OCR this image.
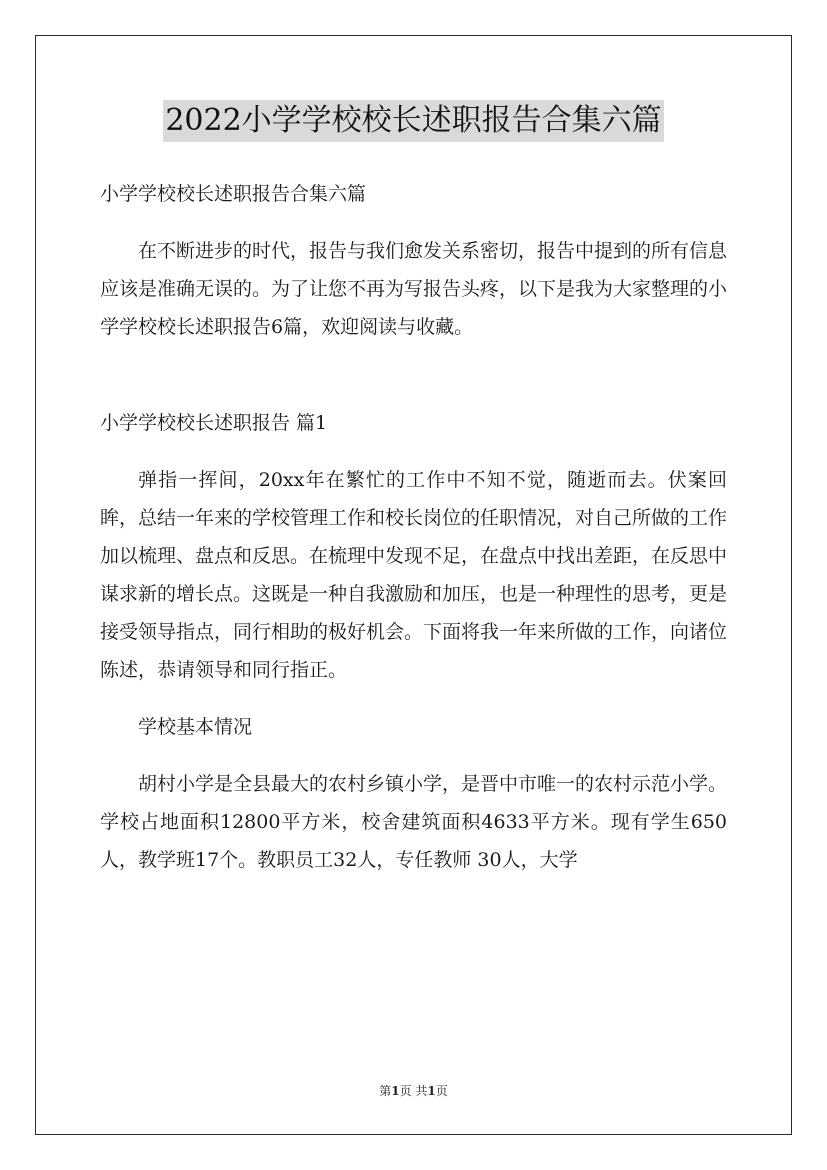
2022小学学校校长述职报告合集六篇

小学学校校长述职报告合集六篇

在不断进步的时代，报告与我们愈发关系密切，报告中提到的所有信息应该是准确无误的。为了让您不再为写报告头疼，以下是我为大家整理的小学学校校长述职报告6篇，欢迎阅读与收藏。

小学学校校长述职报告 篇1

弹指一挥间，20xx年在繁忙的工作中不知不觉，随逝而去。伏案回眸，总结一年来的学校管理工作和校长岗位的任职情况，对自己所做的工作加以梳理、盘点和反思。在梳理中发现不足，在盘点中找出差距，在反思中谋求新的增长点。这既是一种自我激励和加压，也是一种理性的思考，更是接受领导指点，同行相助的极好机会。下面将我一年来所做的工作，向诸位陈述，恭请领导和同行指正。

学校基本情况

胡村小学是全县最大的农村乡镇小学，是晋中市唯一的农村示范小学。学校占地面积12800平方米，校舍建筑面积4633平方米。现有学生650人，教学班17个。教职员工32人，专任教师 30人，大学

第1页 共1页
